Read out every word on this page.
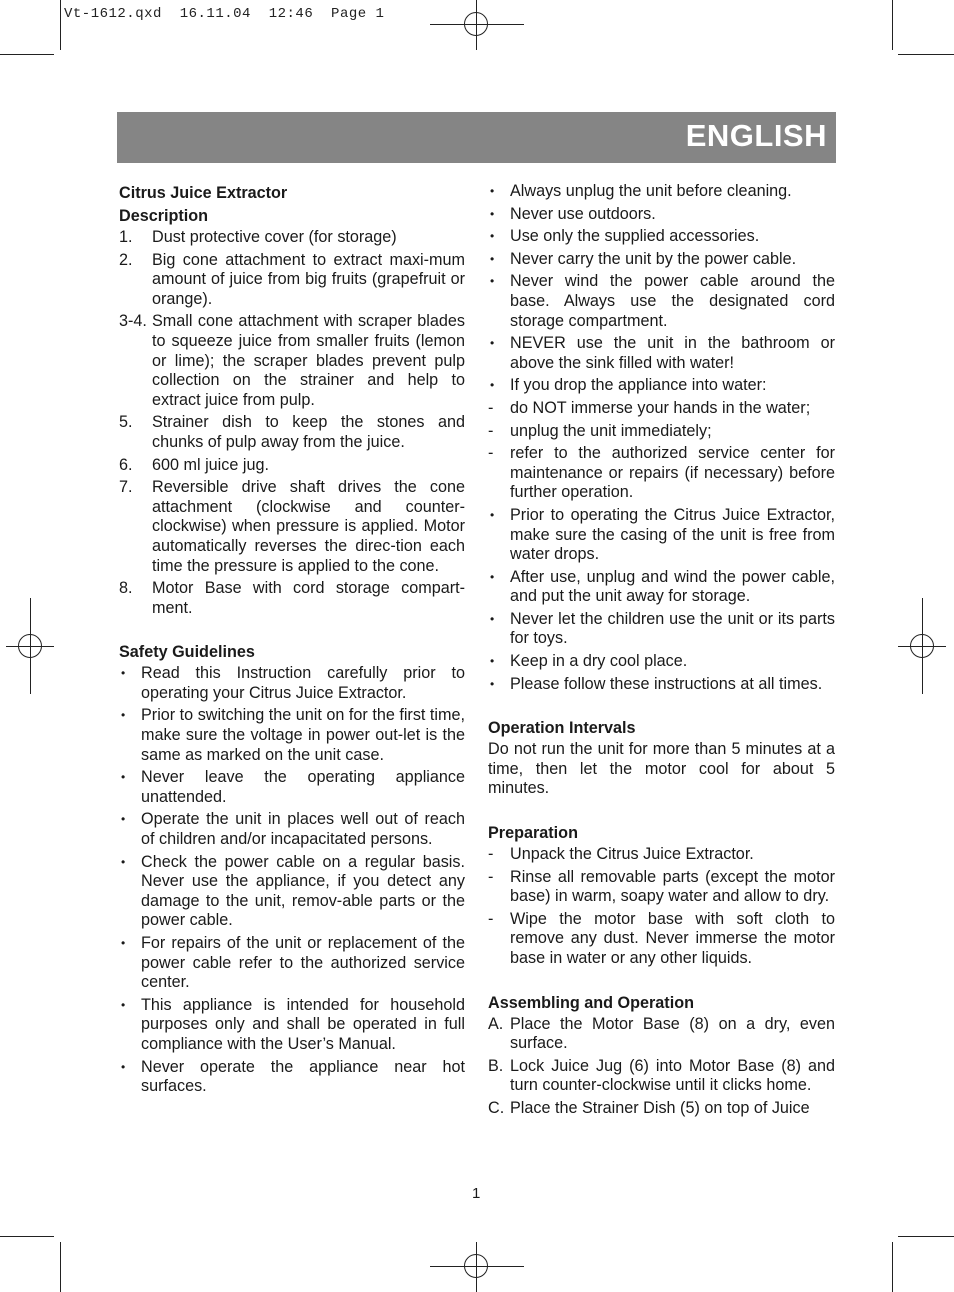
Vt-1612.qxd  16.11.04  12:46  Page 1
ENGLISH

Citrus Juice Extractor

Description

1. Dust protective cover (for storage)
2. Big cone attachment to extract maxi-mum amount of juice from big fruits (grapefruit or orange).
3-4. Small cone attachment with scraper blades to squeeze juice from smaller fruits (lemon or lime); the scraper blades prevent pulp collection on the strainer and help to extract juice from pulp.
5. Strainer dish to keep the stones and chunks of pulp away from the juice.
6. 600 ml juice jug.
7. Reversible drive shaft drives the cone attachment (clockwise and counter-clockwise) when pressure is applied. Motor automatically reverses the direc-tion each time the pressure is applied to the cone.
8. Motor Base with cord storage compart-ment.

Safety Guidelines

• Read this Instruction carefully prior to operating your Citrus Juice Extractor.
• Prior to switching the unit on for the first time, make sure the voltage in power out-let is the same as marked on the unit case.
• Never leave the operating appliance unattended.
• Operate the unit in places well out of reach of children and/or incapacitated persons.
• Check the power cable on a regular basis. Never use the appliance, if you detect any damage to the unit, remov-able parts or the power cable.
• For repairs of the unit or replacement of the power cable refer to the authorized service center.
• This appliance is intended for household purposes only and shall be operated in full compliance with the User’s Manual.
• Never operate the appliance near hot surfaces.
• Always unplug the unit before cleaning.
• Never use outdoors.
• Use only the supplied accessories.
• Never carry the unit by the power cable.
• Never wind the power cable around the base. Always use the designated cord storage compartment.
• NEVER use the unit in the bathroom or above the sink filled with water!
• If you drop the appliance into water:
- do NOT immerse your hands in the water;
- unplug the unit immediately;
- refer to the authorized service center for maintenance or repairs (if necessary) before further operation.
• Prior to operating the Citrus Juice Extractor, make sure the casing of the unit is free from water drops.
• After use, unplug and wind the power cable, and put the unit away for storage.
• Never let the children use the unit or its parts for toys.
• Keep in a dry cool place.
• Please follow these instructions at all times.

Operation Intervals

Do not run the unit for more than 5 minutes at a time, then let the motor cool for about 5 minutes.

Preparation

- Unpack the Citrus Juice Extractor.
- Rinse all removable parts (except the motor base) in warm, soapy water and allow to dry.
- Wipe the motor base with soft cloth to remove any dust. Never immerse the motor base in water or any other liquids.

Assembling and Operation

A. Place the Motor Base (8) on a dry, even surface.
B. Lock Juice Jug (6) into Motor Base (8) and turn counter-clockwise until it clicks home.
C. Place the Strainer Dish (5) on top of Juice
1
